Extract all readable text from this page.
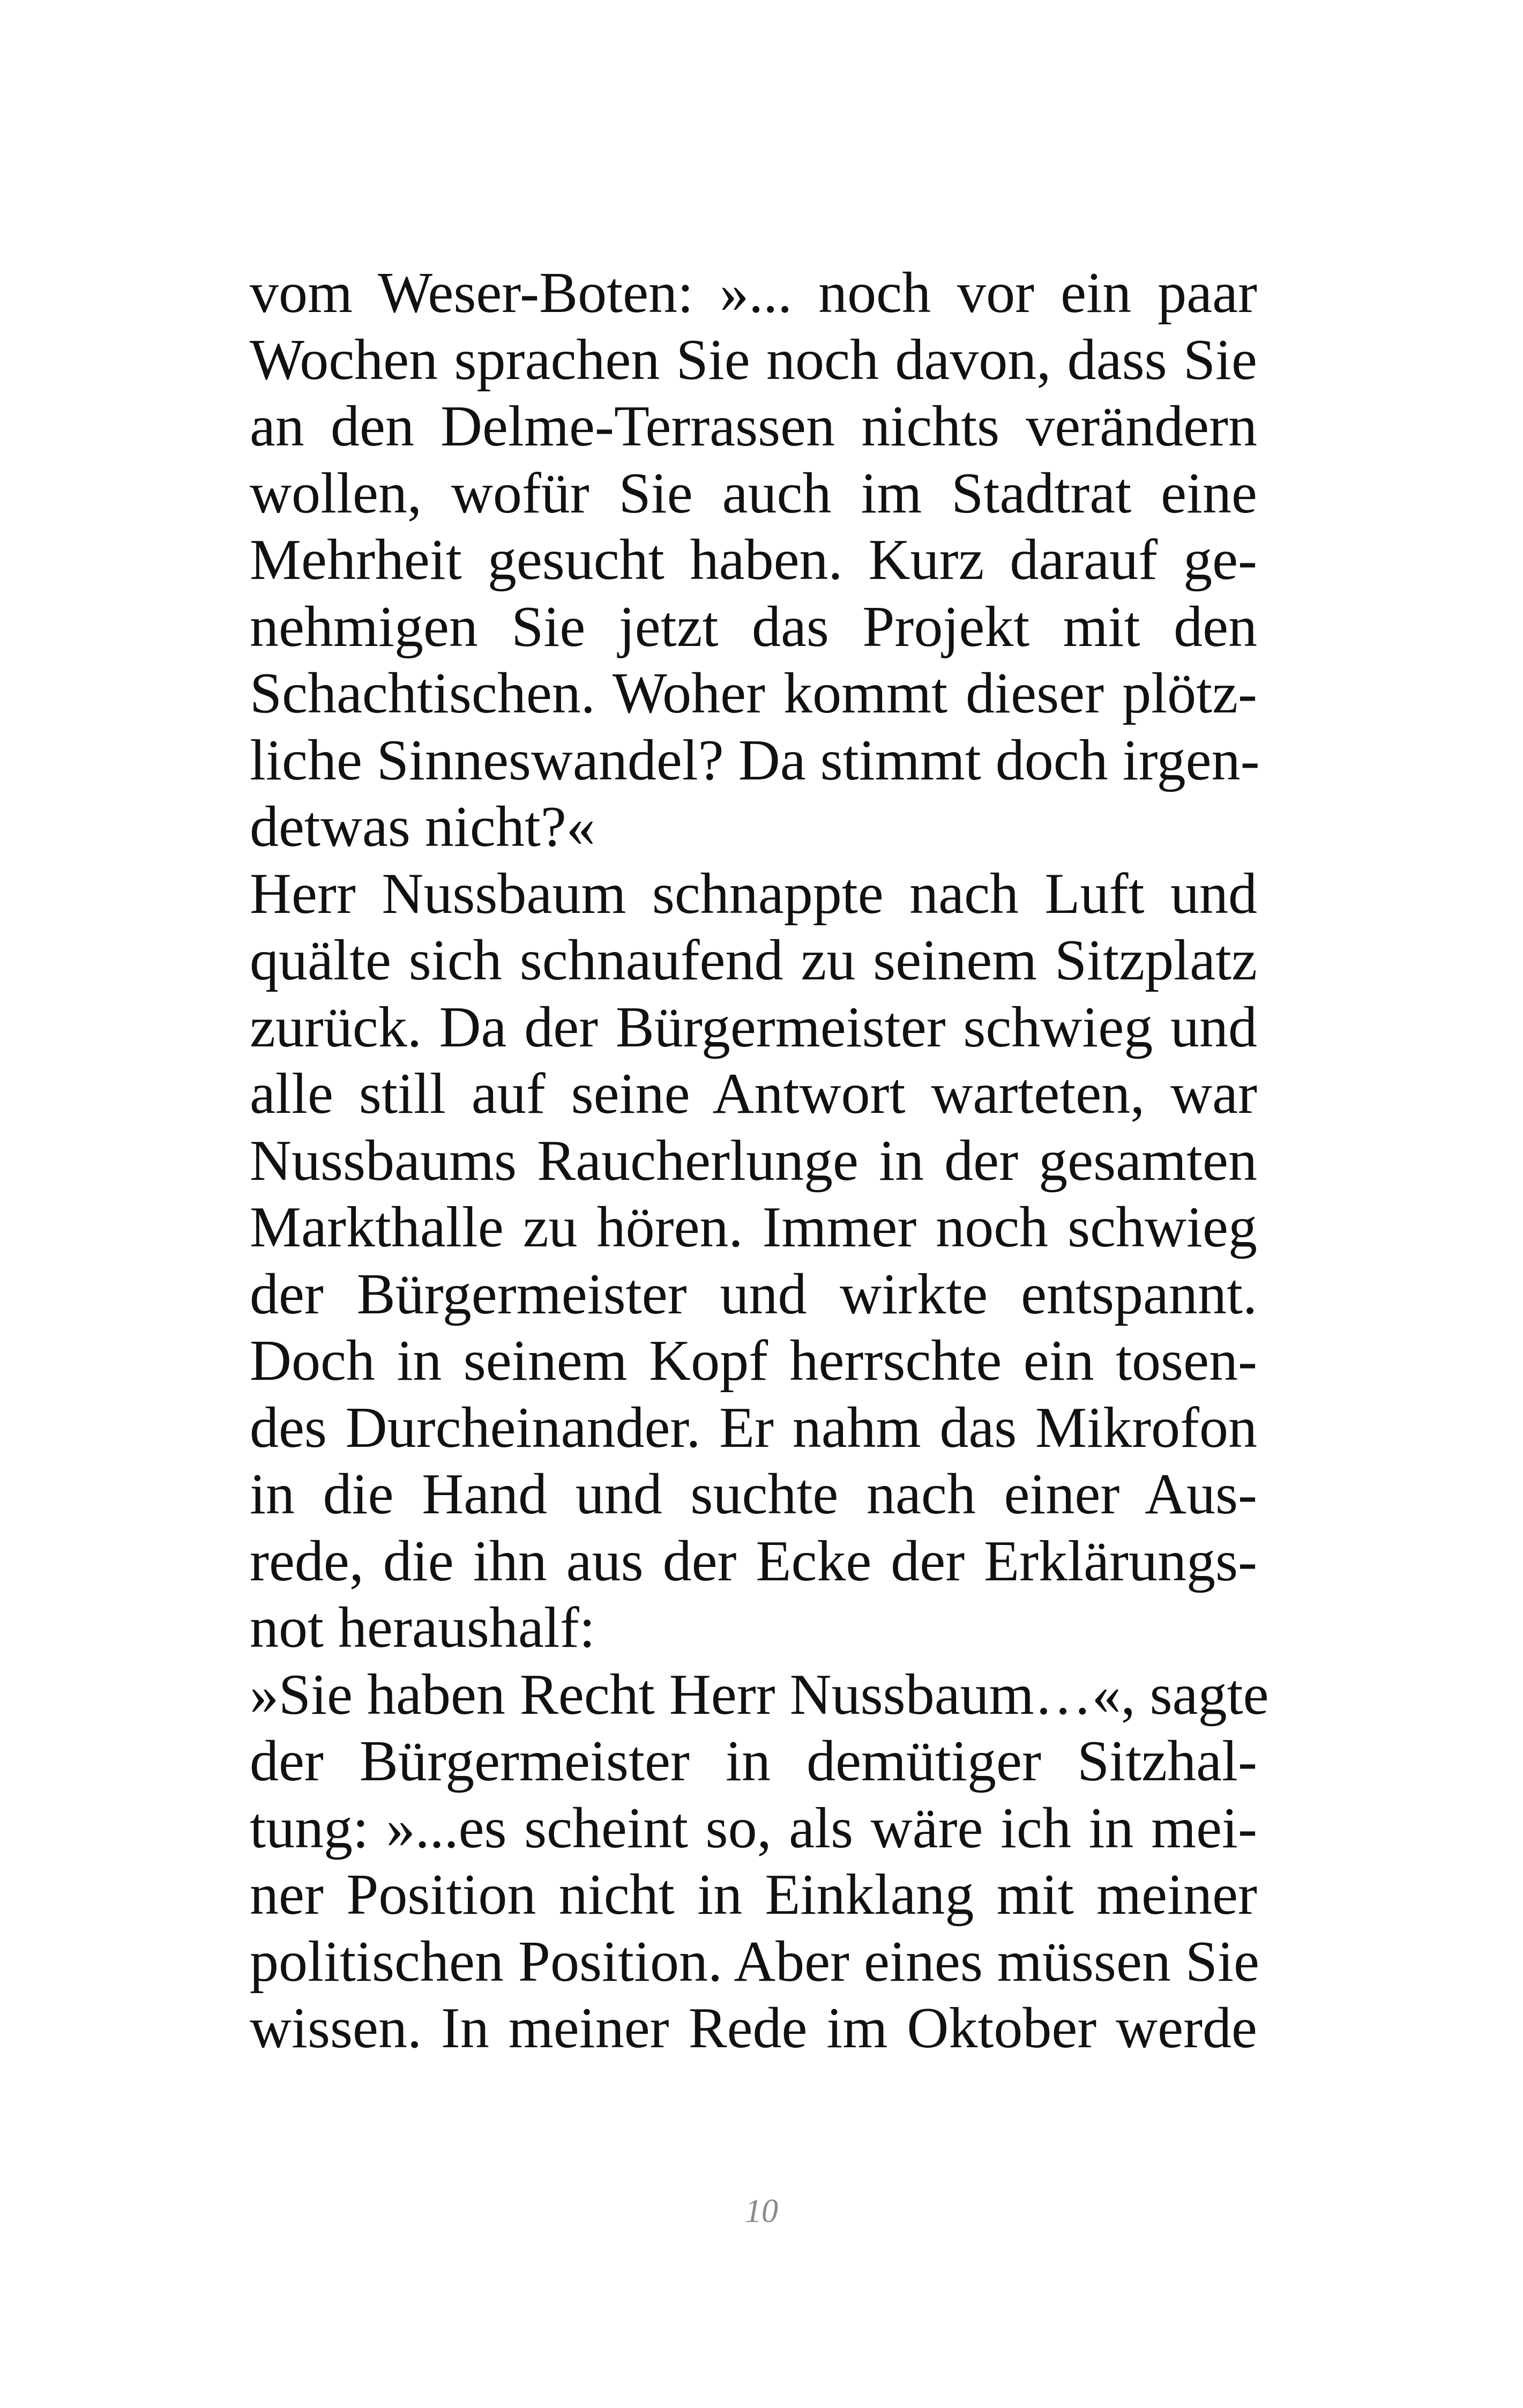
vom Weser-Boten: »... noch vor ein paar
Wochen sprachen Sie noch davon, dass Sie
an den Delme-Terrassen nichts verändern
wollen, wofür Sie auch im Stadtrat eine
Mehrheit gesucht haben. Kurz darauf ge-
nehmigen Sie jetzt das Projekt mit den
Schachtischen. Woher kommt dieser plötz-
liche Sinneswandel? Da stimmt doch irgen-
detwas nicht?«
Herr Nussbaum schnappte nach Luft und
quälte sich schnaufend zu seinem Sitzplatz
zurück. Da der Bürgermeister schwieg und
alle still auf seine Antwort warteten, war
Nussbaums Raucherlunge in der gesamten
Markthalle zu hören. Immer noch schwieg
der Bürgermeister und wirkte entspannt.
Doch in seinem Kopf herrschte ein tosen-
des Durcheinander. Er nahm das Mikrofon
in die Hand und suchte nach einer Aus-
rede, die ihn aus der Ecke der Erklärungs-
not heraushalf:
»Sie haben Recht Herr Nussbaum…«, sagte
der Bürgermeister in demütiger Sitzhal-
tung: »...es scheint so, als wäre ich in mei-
ner Position nicht in Einklang mit meiner
politischen Position. Aber eines müssen Sie
wissen. In meiner Rede im Oktober werde
10
